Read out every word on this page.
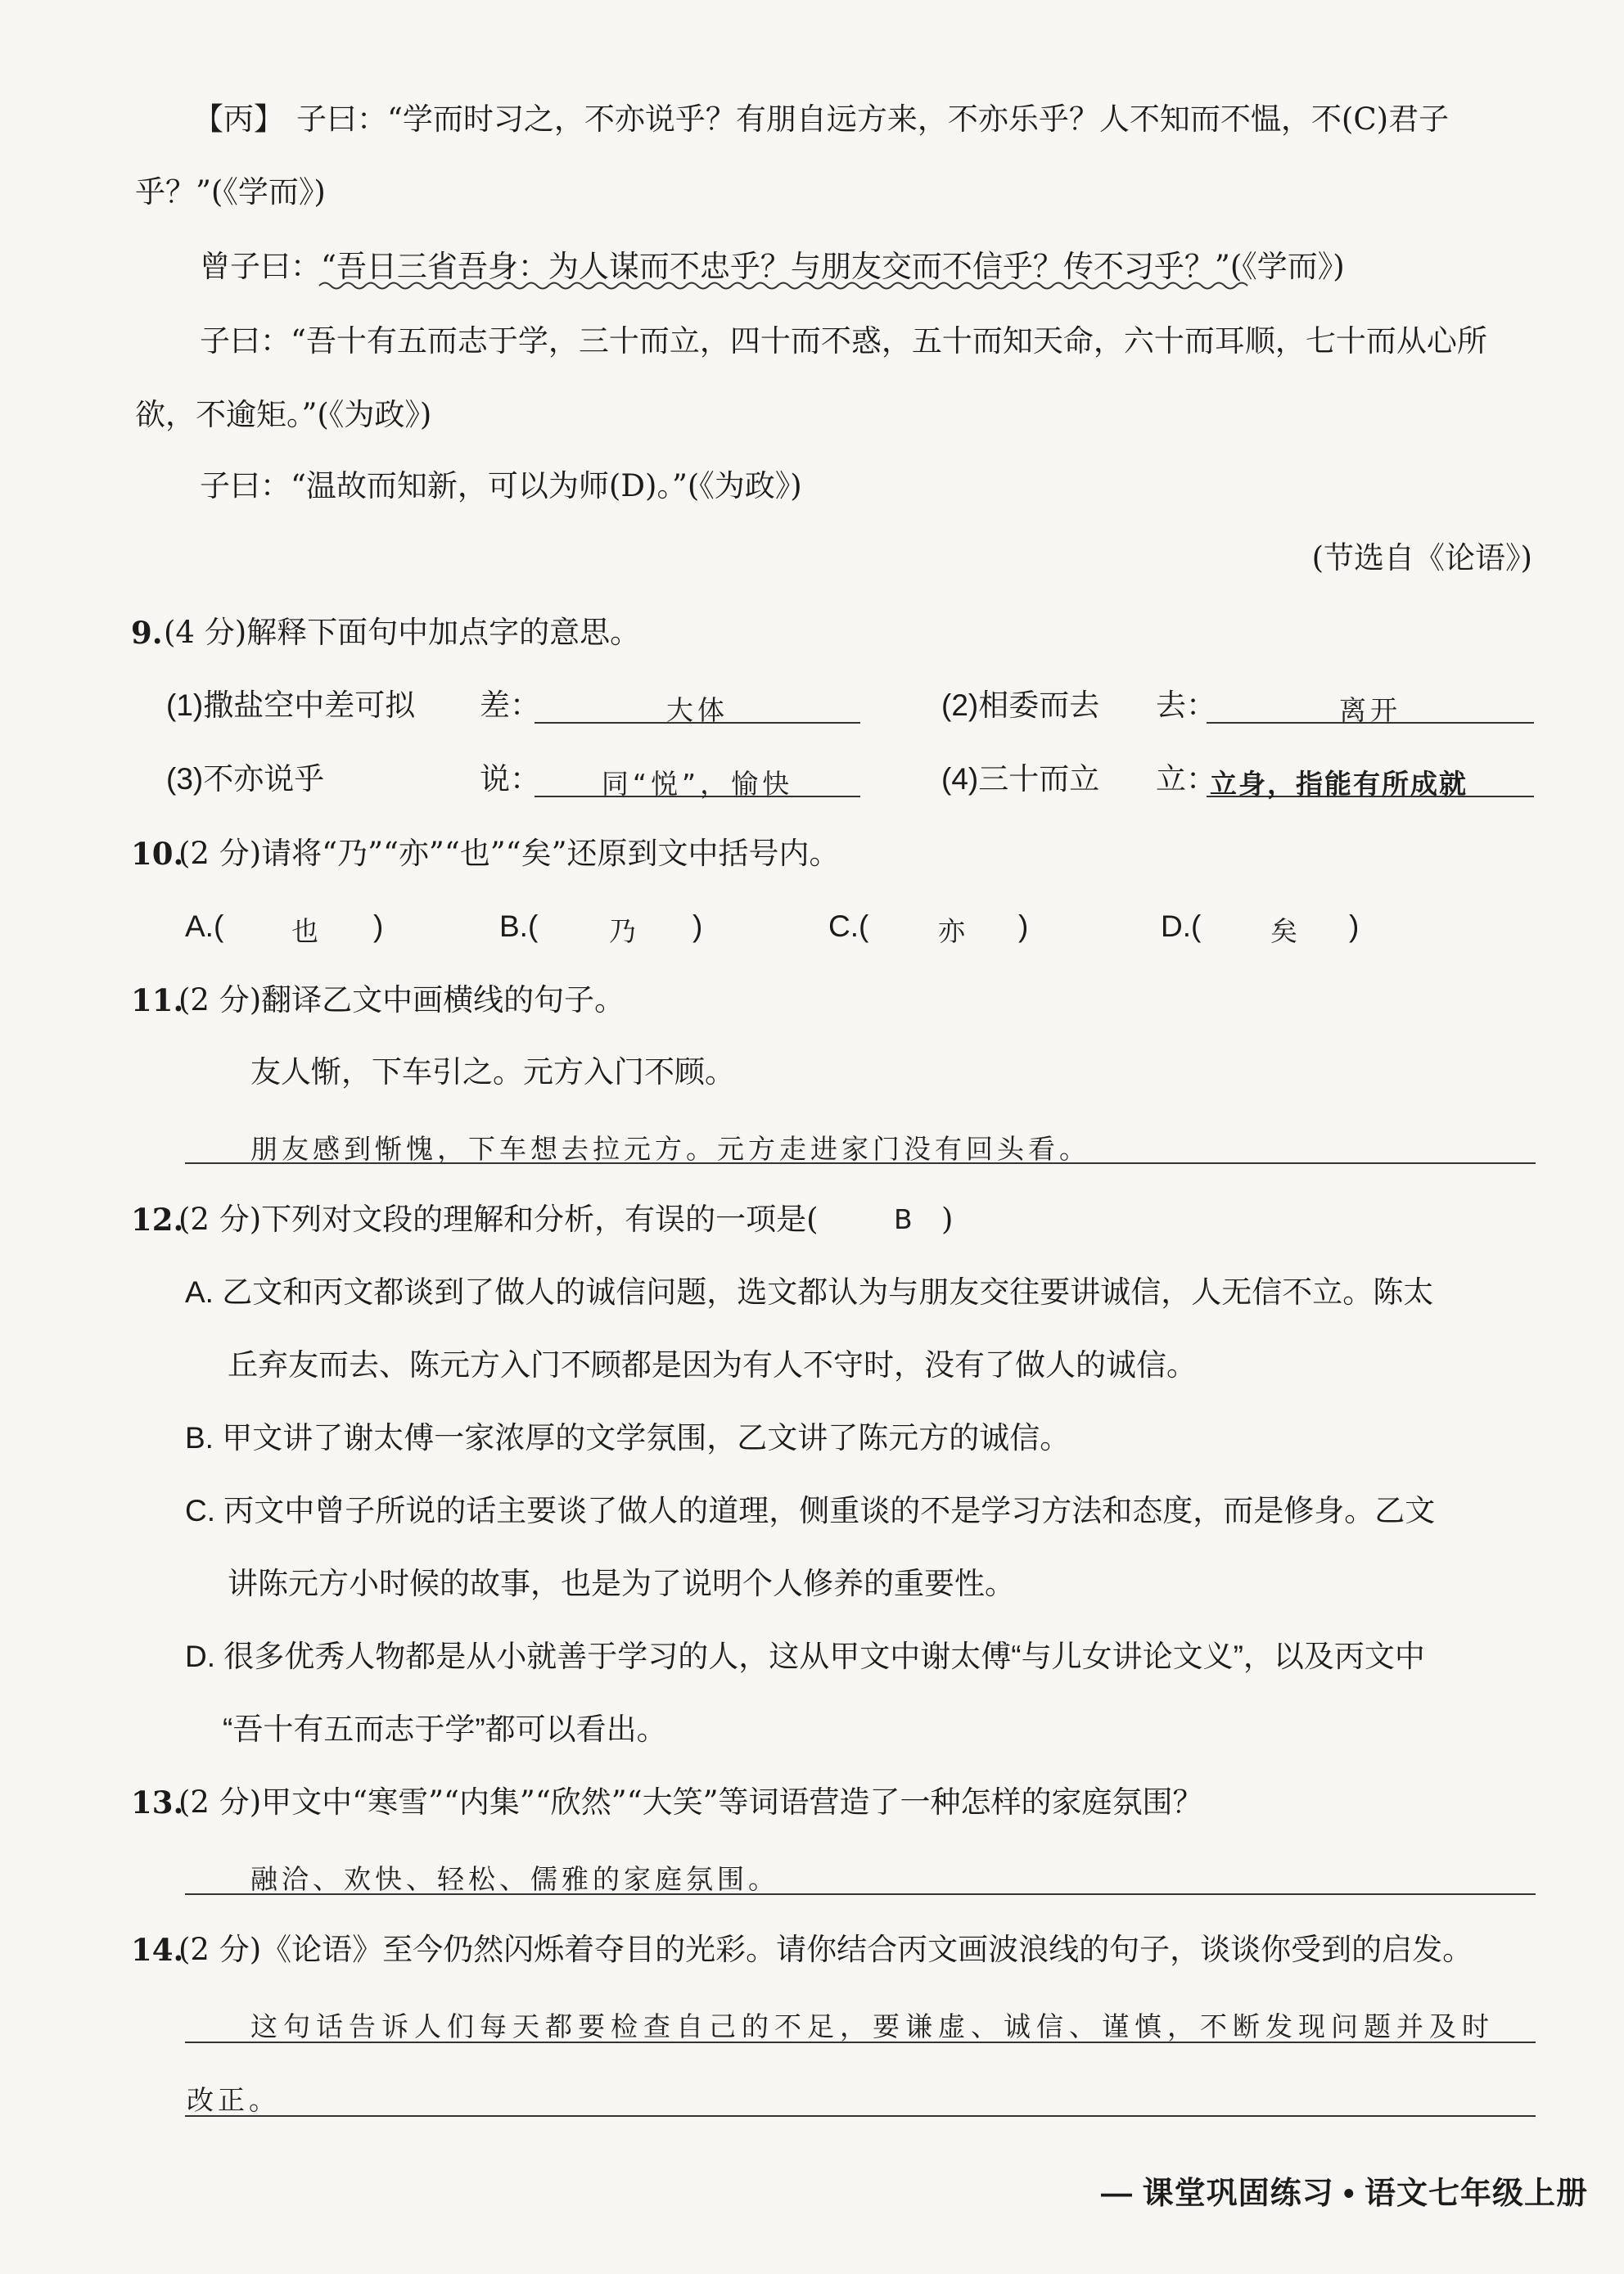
【丙】 子曰：“学而时习之，不亦说乎？有朋自远方来，不亦乐乎？人不知而不愠，不(C)君子
乎？”(《学而》)
曾子曰：“吾日三省吾身：为人谋而不忠乎？与朋友交而不信乎？传不习乎？”(《学而》)
子曰：“吾十有五而志于学，三十而立，四十而不惑，五十而知天命，六十而耳顺，七十而从心所
欲，不逾矩。”(《为政》)
子曰：“温故而知新，可以为师(D)。”(《为政》)
(节选自《论语》)
9. (4 分)解释下面句中加点字的意思。
(1)撒盐空中差可拟 差：	大体	(2)相委而去 去：	离开
(3)不亦说乎	说：	同“悦”，愉快	(4)三十而立 立：
立身，指能有所成就
10.
(2 分)请将“乃”“亦”“也”“矣”还原到文中括号内。
A.(	也 )	B.(	乃 )	C.(	亦 )	D.(	矣 )
11.
(2 分)翻译乙文中画横线的句子。
友人惭，下车引之。元方入门不顾。
朋友感到惭愧，下车想去拉元方。元方走进家门没有回头看。
12.
(2 分)下列对文段的理解和分析，有误的一项是(	B )
A. 乙文和丙文都谈到了做人的诚信问题，选文都认为与朋友交往要讲诚信，人无信不立。陈太
丘弃友而去、陈元方入门不顾都是因为有人不守时，没有了做人的诚信。
B. 甲文讲了谢太傅一家浓厚的文学氛围，乙文讲了陈元方的诚信。
C. 丙文中曾子所说的话主要谈了做人的道理，侧重谈的不是学习方法和态度，而是修身。乙文
讲陈元方小时候的故事，也是为了说明个人修养的重要性。
D. 很多优秀人物都是从小就善于学习的人，这从甲文中谢太傅“与儿女讲论文义”，以及丙文中
“吾十有五而志于学”都可以看出。
13.
(2 分)甲文中“寒雪”“内集”“欣然”“大笑”等词语营造了一种怎样的家庭氛围？
融洽、欢快、轻松、儒雅的家庭氛围。
14.
(2 分)《论语》至今仍然闪烁着夺目的光彩。请你结合丙文画波浪线的句子，谈谈你受到的启发。
这句话告诉人们每天都要检查自己的不足，要谦虚、诚信、谨慎，不断发现问题并及时
改正。
— 课堂巩固练习 • 语文七年级上册
